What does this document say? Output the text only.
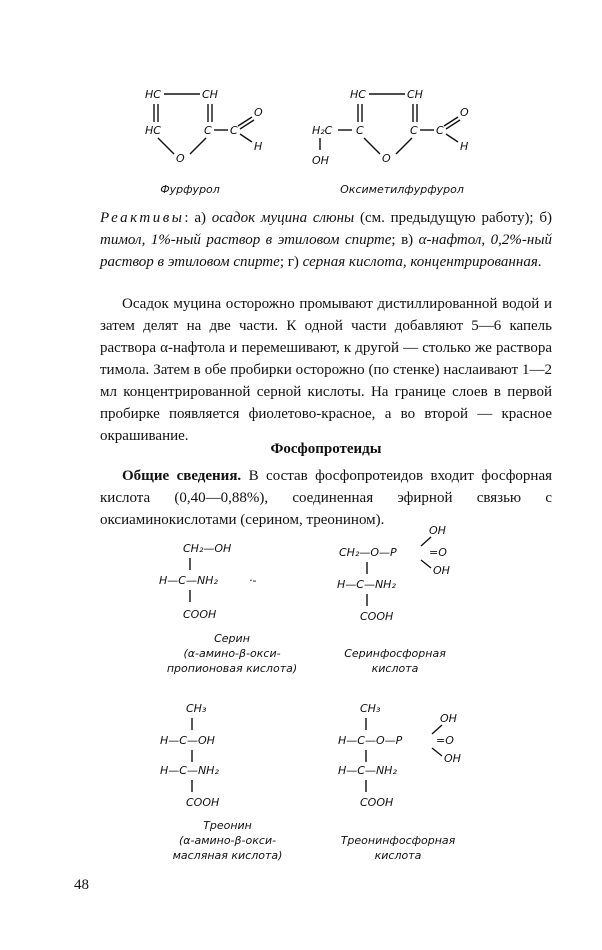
HC	CH
HC	C C
O
H
O
Фурфурол
HC	CH
H₂C C
OH
C C
O
H
O
Оксиметилфурфурол
Реактивы: а) осадок муцина слюны (см. предыдущую работу); б) тимол, 1%-ный раствор в этиловом спирте; в) α-нафтол, 0,2%-ный раствор в этиловом спирте; г) серная кислота, концентрированная.
Осадок муцина осторожно промывают дистиллированной водой и затем делят на две части. К одной части добавляют 5—6 капель раствора α-нафтола и перемешивают, к другой — столько же раствора тимола. Затем в обе пробирки осторожно (по стенке) наслаивают 1—2 мл концентрированной серной кислоты. На границе слоев в первой пробирке появляется фиолетово-красное, а во второй — красное окрашивание.
Фосфопротеиды
Общие сведения. В состав фосфопротеидов входит фосфорная кислота (0,40—0,88%), соединенная эфирной связью с оксиаминокислотами (серином, треонином).
CH₂—OH
H—C—NH₂	·-
COOH
Серин
(α-амино-β-окси-
пропионовая кислота)
OH
CH₂—O—P	=O
OH
H—C—NH₂
COOH
Серинфосфорная
кислота
CH₃
H—C—OH
H—C—NH₂
COOH
Треонин
(α-амино-β-окси-
масляная кислота)
CH₃
OH
H—C—O—P	=O
OH
H—C—NH₂
COOH
Треонинфосфорная
кислота
48
